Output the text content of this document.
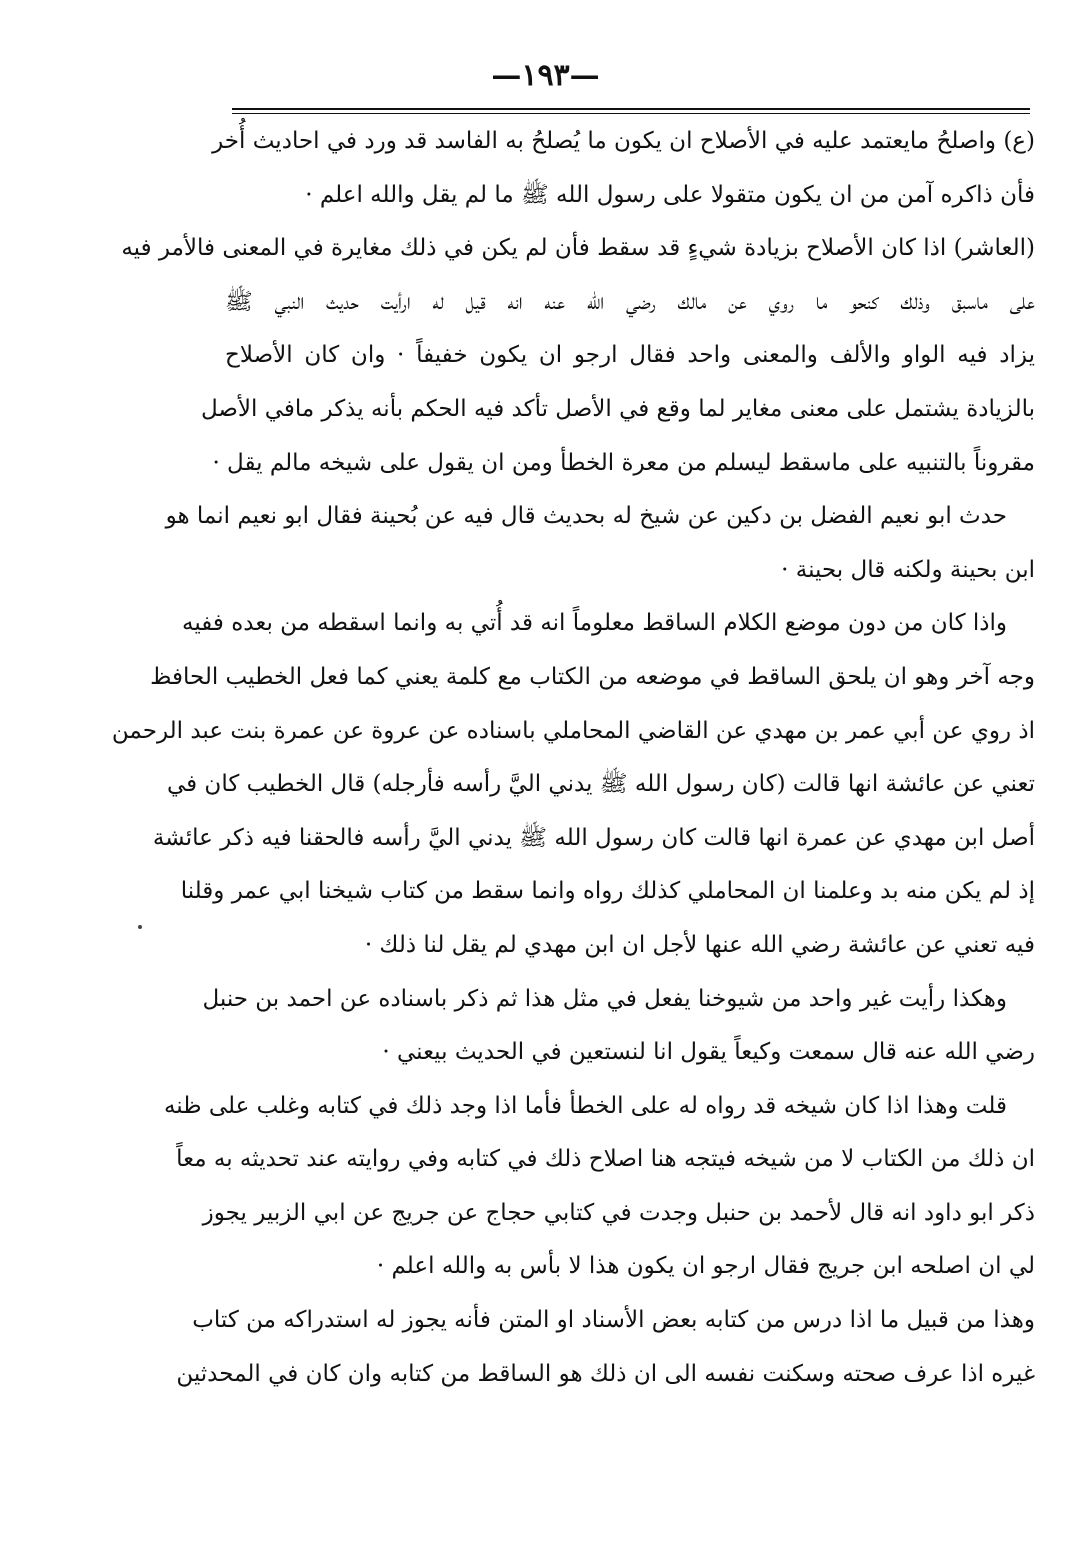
—١٩٣—
(ع) واصلحُ مايعتمد عليه في الأصلاح ان يكون ما يُصلحُ به الفاسد قد ورد في احاديث أُخر
فأن ذاكره آمن من ان يكون متقولا على رسول الله ﷺ ما لم يقل والله اعلم ·
(العاشر) اذا كان الأصلاح بزيادة شيءٍ قد سقط فأن لم يكن في ذلك مغايرة في المعنى فالأمر فيه
على ماسبق وذلك كنحو ما روي عن مالك رضي الله عنه انه قيل له ارأيت حديث النبي ﷺ
يزاد فيه الواو والألف والمعنى واحد فقال ارجو ان يكون خفيفاً · وان كان الأصلاح
بالزيادة يشتمل على معنى مغاير لما وقع في الأصل تأكد فيه الحكم بأنه يذكر مافي الأصل
مقروناً بالتنبيه على ماسقط ليسلم من معرة الخطأ ومن ان يقول على شيخه مالم يقل ·
حدث ابو نعيم الفضل بن دكين عن شيخ له بحديث قال فيه عن بُحينة فقال ابو نعيم انما هو
ابن بحينة ولكنه قال بحينة ·
واذا كان من دون موضع الكلام الساقط معلوماً انه قد أُتي به وانما اسقطه من بعده ففيه
وجه آخر وهو ان يلحق الساقط في موضعه من الكتاب مع كلمة يعني كما فعل الخطيب الحافظ
اذ روي عن أبي عمر بن مهدي عن القاضي المحاملي باسناده عن عروة عن عمرة بنت عبد الرحمن
تعني عن عائشة انها قالت (كان رسول الله ﷺ يدني اليَّ رأسه فأرجله) قال الخطيب كان في
أصل ابن مهدي عن عمرة انها قالت كان رسول الله ﷺ يدني اليَّ رأسه فالحقنا فيه ذكر عائشة
إذ لم يكن منه بد وعلمنا ان المحاملي كذلك رواه وانما سقط من كتاب شيخنا ابي عمر وقلنا
فيه تعني عن عائشة رضي الله عنها لأجل ان ابن مهدي لم يقل لنا ذلك ·
وهكذا رأيت غير واحد من شيوخنا يفعل في مثل هذا ثم ذكر باسناده عن احمد بن حنبل
رضي الله عنه قال سمعت وكيعاً يقول انا لنستعين في الحديث بيعني ·
قلت وهذا اذا كان شيخه قد رواه له على الخطأ فأما اذا وجد ذلك في كتابه وغلب على ظنه
ان ذلك من الكتاب لا من شيخه فيتجه هنا اصلاح ذلك في كتابه وفي روايته عند تحديثه به معاً
ذكر ابو داود انه قال لأحمد بن حنبل وجدت في كتابي حجاج عن جريج عن ابي الزبير يجوز
لي ان اصلحه ابن جريج فقال ارجو ان يكون هذا لا بأس به والله اعلم ·
وهذا من قبيل ما اذا درس من كتابه بعض الأسناد او المتن فأنه يجوز له استدراكه من كتاب
غيره اذا عرف صحته وسكنت نفسه الى ان ذلك هو الساقط من كتابه وان كان في المحدثين
